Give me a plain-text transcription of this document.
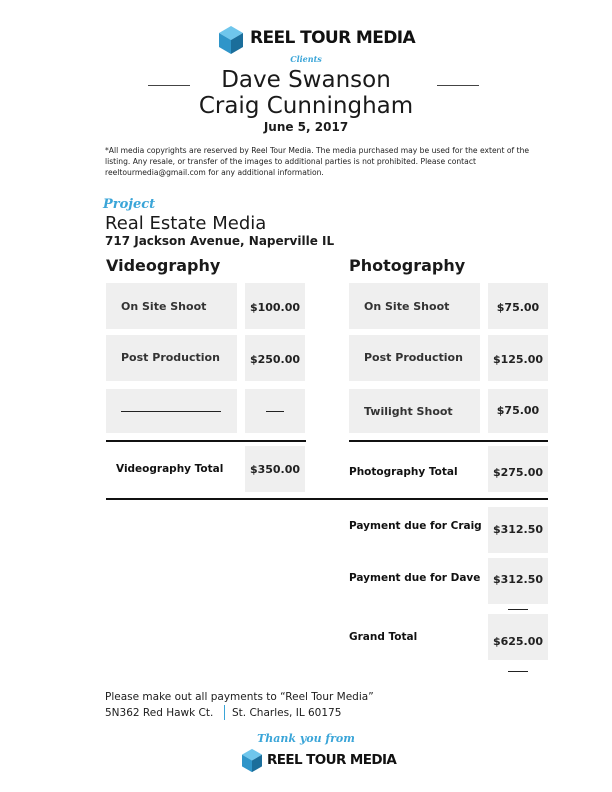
REEL TOUR MEDIA
Clients
Dave Swanson
Craig Cunningham
June 5, 2017
*All media copyrights are reserved by Reel Tour Media. The media purchased may be used for the extent of the listing. Any resale, or transfer of the images to additional parties is not prohibited. Please contact reeltourmedia@gmail.com for any additional information.
Project
Real Estate Media
717 Jackson Avenue, Naperville IL
Videography
On Site Shoot	$100.00
Post Production	$250.00
Videography Total	$350.00
Photography
On Site Shoot	$75.00
Post Production	$125.00
Twilight Shoot	$75.00
Photography Total	$275.00
Payment due for Craig	$312.50
Payment due for Dave	$312.50
Grand Total	$625.00
Please make out all payments to “Reel Tour Media”
5N362 Red Hawk Ct. St. Charles, IL 60175
Thank you from
REEL TOUR MEDIA
